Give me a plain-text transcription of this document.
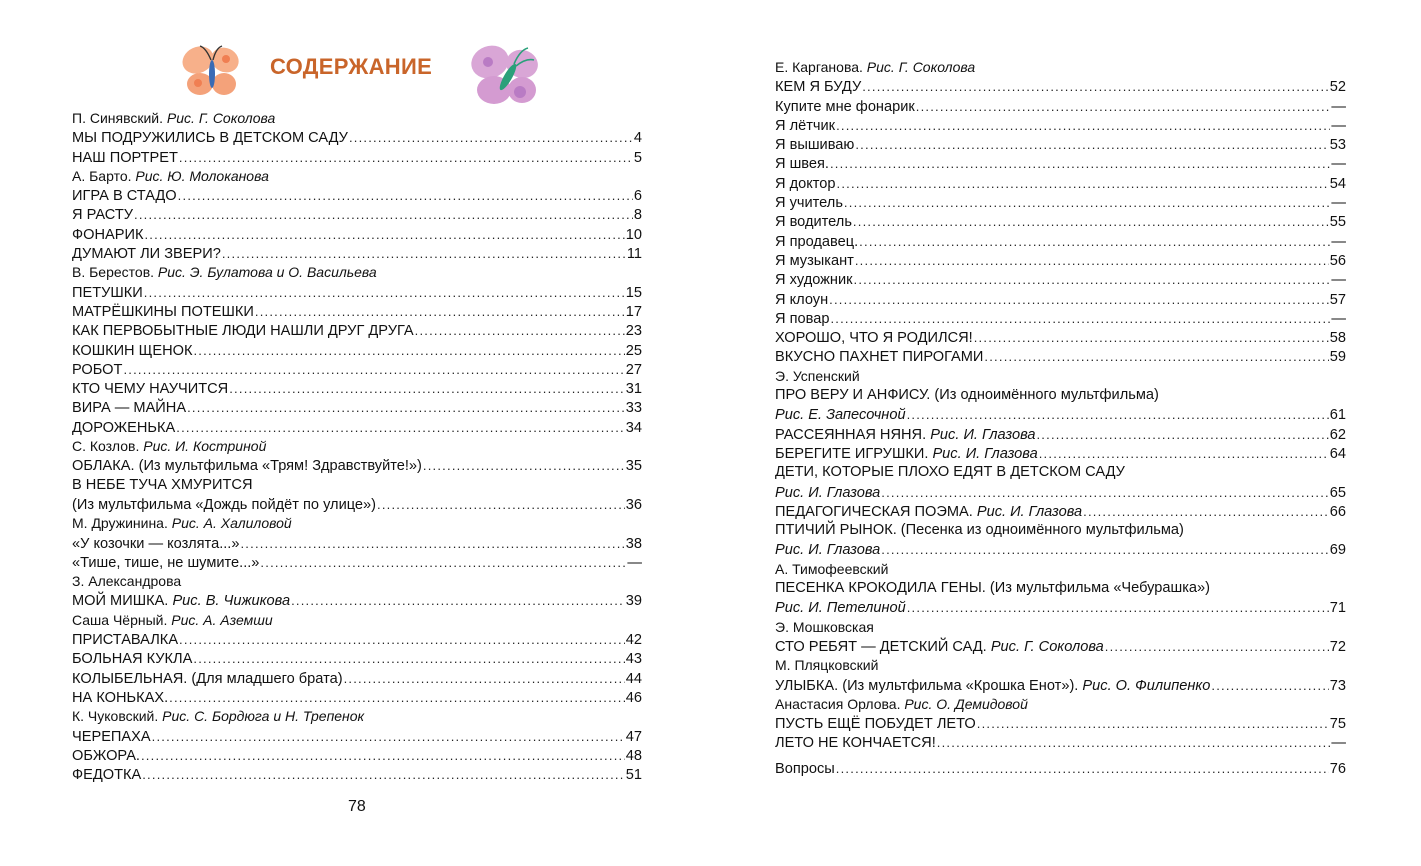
СОДЕРЖАНИЕ
П. Синявский. Рис. Г. Соколова
МЫ ПОДРУЖИЛИСЬ В ДЕТСКОМ САДУ . . .	4
НАШ ПОРТРЕТ . . .	5
А. Барто. Рис. Ю. Молоканова
ИГРА В СТАДО . . .	6
Я РАСТУ . . .	8
ФОНАРИК . . .	10
ДУМАЮТ ЛИ ЗВЕРИ? . . .	11
В. Берестов. Рис. Э. Булатова и О. Васильева
ПЕТУШКИ . . .	15
МАТРЁШКИНЫ ПОТЕШКИ . . .	17
КАК ПЕРВОБЫТНЫЕ ЛЮДИ НАШЛИ ДРУГ ДРУГА . . .	23
КОШКИН ЩЕНОК . . .	25
РОБОТ . . .	27
КТО ЧЕМУ НАУЧИТСЯ . . .	31
ВИРА — МАЙНА . . .	33
ДОРОЖЕНЬКА . . .	34
С. Козлов. Рис. И. Костриной
ОБЛАКА. (Из мультфильма «Трям! Здравствуйте!») . . .	35
В НЕБЕ ТУЧА ХМУРИТСЯ
(Из мультфильма «Дождь пойдёт по улице») . . .	36
М. Дружинина. Рис. А. Халиловой
«У козочки — козлята...» . . .	38
«Тише, тише, не шумите...» . . .	—
З. Александрова
МОЙ МИШКА. Рис. В. Чижикова . . .	39
Саша Чёрный. Рис. А. Аземши
ПРИСТАВАЛКА . . .	42
БОЛЬНАЯ КУКЛА . . .	43
КОЛЫБЕЛЬНАЯ. (Для младшего брата) . . .	44
НА КОНЬКАХ. . . .	46
К. Чуковский. Рис. С. Бордюга и Н. Трепенок
ЧЕРЕПАХА . . .	47
ОБЖОРА. . . .	48
ФЕДОТКА . . .	51
78
Е. Карганова. Рис. Г. Соколова
КЕМ Я БУДУ . . .	52
Купите мне фонарик . . .	—
Я лётчик . . .	—
Я вышиваю . . .	53
Я швея. . . .	—
Я доктор . . .	54
Я учитель . . .	—
Я водитель . . .	55
Я продавец. . . .	—
Я музыкант . . .	56
Я художник . . .	—
Я клоун . . .	57
Я повар . . .	—
ХОРОШО, ЧТО Я РОДИЛСЯ! . . .	58
ВКУСНО ПАХНЕТ ПИРОГАМИ . . .	59
Э. Успенский
ПРО ВЕРУ И АНФИСУ. (Из одноимённого мультфильма)
Рис. Е. Запесочной . . .	61
РАССЕЯННАЯ НЯНЯ. Рис. И. Глазова . . .	62
БЕРЕГИТЕ ИГРУШКИ. Рис. И. Глазова . . .	64
ДЕТИ, КОТОРЫЕ ПЛОХО ЕДЯТ В ДЕТСКОМ САДУ
Рис. И. Глазова . . .	65
ПЕДАГОГИЧЕСКАЯ ПОЭМА. Рис. И. Глазова . . .	66
ПТИЧИЙ РЫНОК. (Песенка из одноимённого мультфильма)
Рис. И. Глазова . . .	69
А. Тимофеевский
ПЕСЕНКА КРОКОДИЛА ГЕНЫ. (Из мультфильма «Чебурашка»)
Рис. И. Петелиной . . .	71
Э. Мошковская
СТО РЕБЯТ — ДЕТСКИЙ САД. Рис. Г. Соколова . . .	72
М. Пляцковский
УЛЫБКА. (Из мультфильма «Крошка Енот»). Рис. О. Филипенко . . .	73
Анастасия Орлова. Рис. О. Демидовой
ПУСТЬ ЕЩЁ ПОБУДЕТ ЛЕТО . . .	75
ЛЕТО НЕ КОНЧАЕТСЯ! . . .	—
Вопросы . . .	76
